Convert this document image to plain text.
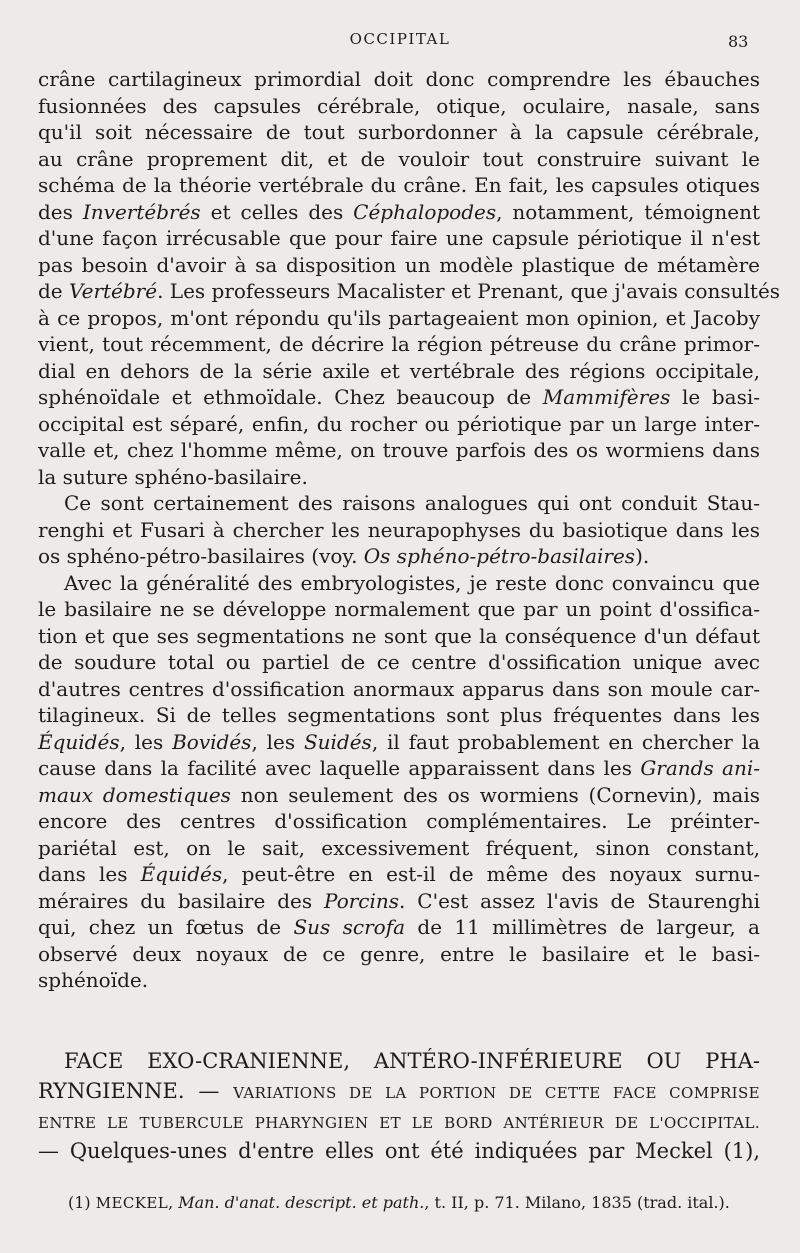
OCCIPITAL	83
crâne cartilagineux primordial doit donc comprendre les ébauches
fusionnées des capsules cérébrale, otique, oculaire, nasale, sans
qu'il soit nécessaire de tout surbordonner à la capsule cérébrale,
au crâne proprement dit, et de vouloir tout construire suivant le
schéma de la théorie vertébrale du crâne. En fait, les capsules otiques
des Invertébrés et celles des Céphalopodes, notamment, témoignent
d'une façon irrécusable que pour faire une capsule périotique il n'est
pas besoin d'avoir à sa disposition un modèle plastique de métamère
de Vertébré. Les professeurs Macalister et Prenant, que j'avais consultés
à ce propos, m'ont répondu qu'ils partageaient mon opinion, et Jacoby
vient, tout récemment, de décrire la région pétreuse du crâne primor-
dial en dehors de la série axile et vertébrale des régions occipitale,
sphénoïdale et ethmoïdale. Chez beaucoup de Mammifères le basi-
occipital est séparé, enfin, du rocher ou périotique par un large inter-
valle et, chez l'homme même, on trouve parfois des os wormiens dans
la suture sphéno-basilaire.
Ce sont certainement des raisons analogues qui ont conduit Stau-
renghi et Fusari à chercher les neurapophyses du basiotique dans les
os sphéno-pétro-basilaires (voy. Os sphéno-pétro-basilaires).
Avec la généralité des embryologistes, je reste donc convaincu que
le basilaire ne se développe normalement que par un point d'ossifica-
tion et que ses segmentations ne sont que la conséquence d'un défaut
de soudure total ou partiel de ce centre d'ossification unique avec
d'autres centres d'ossification anormaux apparus dans son moule car-
tilagineux. Si de telles segmentations sont plus fréquentes dans les
Équidés, les Bovidés, les Suidés, il faut probablement en chercher la
cause dans la facilité avec laquelle apparaissent dans les Grands ani-
maux domestiques non seulement des os wormiens (Cornevin), mais
encore des centres d'ossification complémentaires. Le préinter-
pariétal est, on le sait, excessivement fréquent, sinon constant,
dans les Équidés, peut-être en est-il de même des noyaux surnu-
méraires du basilaire des Porcins. C'est assez l'avis de Staurenghi
qui, chez un fœtus de Sus scrofa de 11 millimètres de largeur, a
observé deux noyaux de ce genre, entre le basilaire et le basi-
sphénoïde.
FACE EXO-CRANIENNE, ANTÉRO-INFÉRIEURE OU PHA-
RYNGIENNE. — VARIATIONS DE LA PORTION DE CETTE FACE COMPRISE
ENTRE LE TUBERCULE PHARYNGIEN ET LE BORD ANTÉRIEUR DE L'OCCIPITAL.
— Quelques-unes d'entre elles ont été indiquées par Meckel (1),
(1) MECKEL, Man. d'anat. descript. et path., t. II, p. 71. Milano, 1835 (trad. ital.).
